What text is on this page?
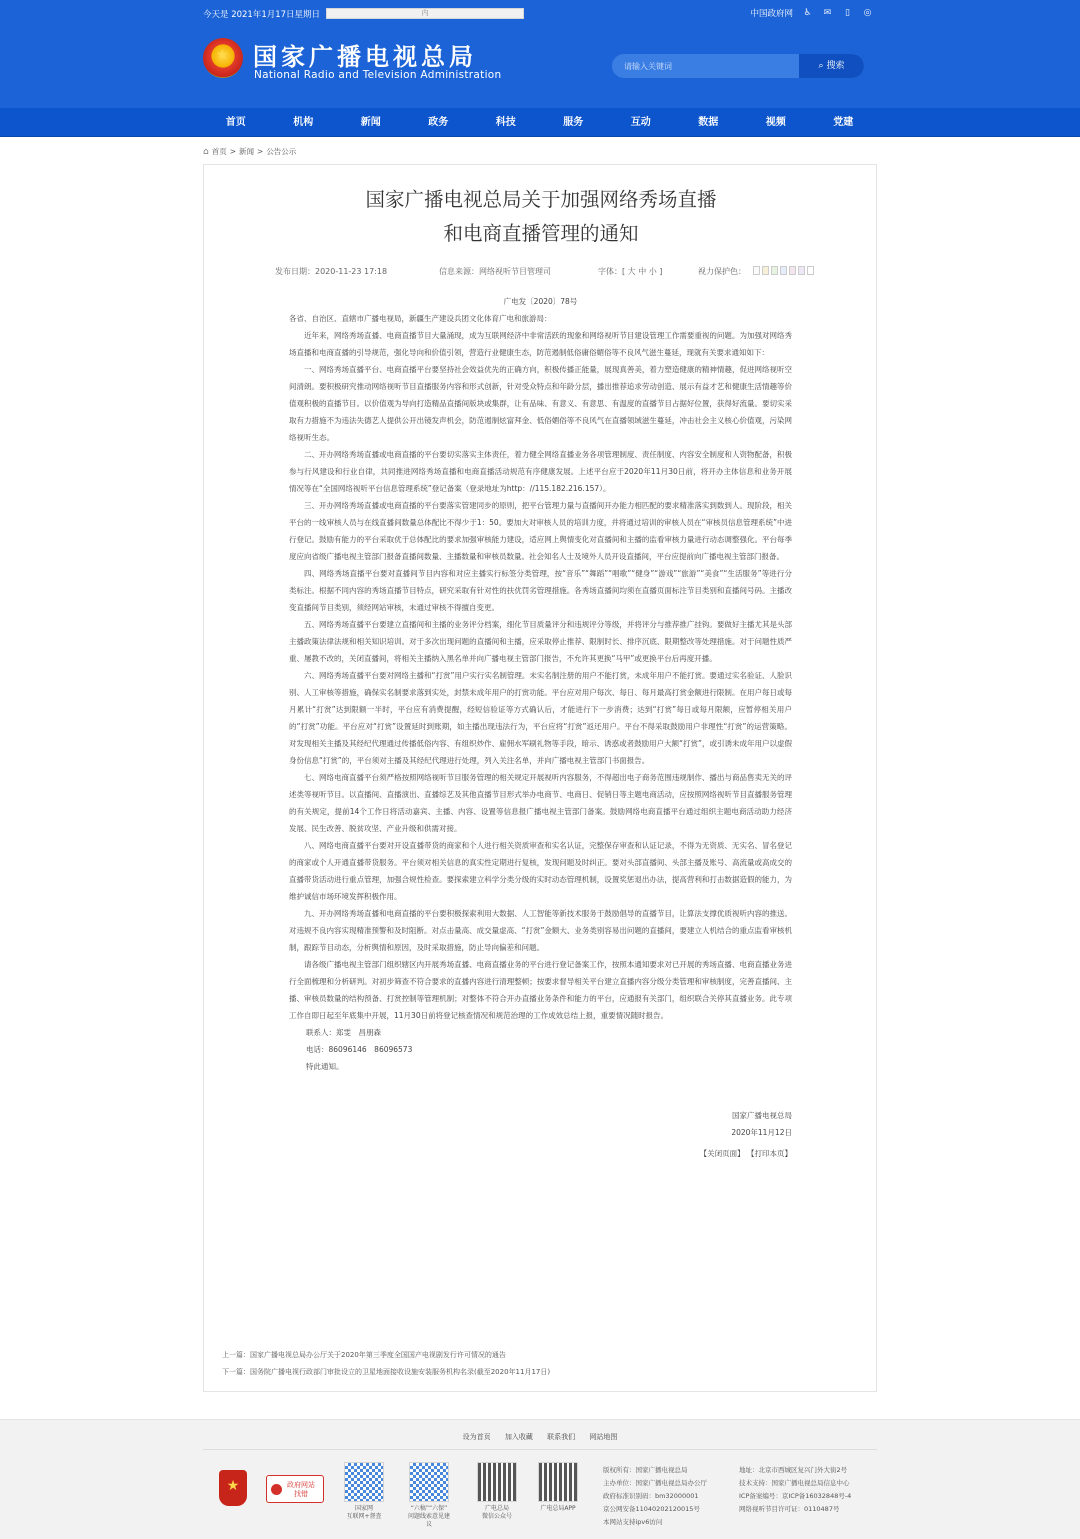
今天是 2021年1月17日星期日	内	中国政府网 ♿ ✉	▯	◎
★ 国家广播电视总局
National Radio and Television Administration
请输入关键词
⌕ 搜索
首页	机构	新闻	政务	科技	服务	互动	数据	视频	党建
⌂ 首页 > 新闻 > 公告公示
国家广播电视总局关于加强网络秀场直播
和电商直播管理的通知
发布日期：2020-11-23 17:18	信息来源：网络视听节目管理司	字体：[ 大 中 小 ]	视力保护色：
广电发〔2020〕78号

各省、自治区、直辖市广播电视局，新疆生产建设兵团文化体育广电和旅游局：

近年来，网络秀场直播、电商直播节目大量涌现，成为互联网经济中非常活跃的现象和网络视听节目建设管理工作需要重视的问题。为加强对网络秀场直播和电商直播的引导规范，强化导向和价值引领，营造行业健康生态，防范遏制低俗庸俗媚俗等不良风气滋生蔓延，现就有关要求通知如下：

一、网络秀场直播平台、电商直播平台要坚持社会效益优先的正确方向，积极传播正能量，展现真善美，着力塑造健康的精神情趣，促进网络视听空间清朗。要积极研究推动网络视听节目直播服务内容和形式创新，针对受众特点和年龄分层，播出推荐追求劳动创造、展示有益才艺和健康生活情趣等价值观积极的直播节目。以价值观为导向打造精品直播间版块或集群，让有品味、有意义、有意思、有温度的直播节目占据好位置，获得好流量。要切实采取有力措施不为违法失德艺人提供公开出镜发声机会，防范遏制炫富拜金、低俗媚俗等不良风气在直播领域滋生蔓延，冲击社会主义核心价值观，污染网络视听生态。

二、开办网络秀场直播或电商直播的平台要切实落实主体责任，着力健全网络直播业务各项管理制度、责任制度、内容安全制度和人资物配备，积极参与行风建设和行业自律，共同推进网络秀场直播和电商直播活动规范有序健康发展。上述平台应于2020年11月30日前，将开办主体信息和业务开展情况等在“全国网络视听平台信息管理系统”登记备案（登录地址为http：//115.182.216.157）。

三、开办网络秀场直播或电商直播的平台要落实管建同步的原则，把平台管理力量与直播间开办能力相匹配的要求精准落实到数到人。现阶段，相关平台的一线审核人员与在线直播间数量总体配比不得少于1：50。要加大对审核人员的培训力度，并将通过培训的审核人员在“审核员信息管理系统”中进行登记。鼓励有能力的平台采取优于总体配比的要求加强审核能力建设，适应网上舆情变化对直播间和主播的监看审核力量进行动态调整强化。平台每季度应向省级广播电视主管部门报备直播间数量、主播数量和审核员数量。社会知名人士及境外人员开设直播间，平台应提前向广播电视主管部门报备。

四、网络秀场直播平台要对直播间节目内容和对应主播实行标签分类管理，按“音乐”“舞蹈”“唱歌”“健身”“游戏”“旅游”“美食”“生活服务”等进行分类标注。根据不同内容的秀场直播节目特点，研究采取有针对性的扶优罚劣管理措施。各秀场直播间均须在直播页面标注节目类别和直播间号码。主播改变直播间节目类别，须经网站审核，未通过审核不得擅自变更。

五、网络秀场直播平台要建立直播间和主播的业务评分档案，细化节目质量评分和违规评分等级，并将评分与推荐推广挂钩。要做好主播尤其是头部主播政策法律法规和相关知识培训。对于多次出现问题的直播间和主播，应采取停止推荐、限制时长、排序沉底、限期整改等处理措施。对于问题性质严重、屡教不改的，关闭直播间，将相关主播纳入黑名单并向广播电视主管部门报告，不允许其更换“马甲”或更换平台后再度开播。

六、网络秀场直播平台要对网络主播和“打赏”用户实行实名制管理。未实名制注册的用户不能打赏，未成年用户不能打赏。要通过实名验证、人脸识别、人工审核等措施，确保实名制要求落到实处，封禁未成年用户的打赏功能。平台应对用户每次、每日、每月最高打赏金额进行限制。在用户每日或每月累计“打赏”达到限额一半时，平台应有消费提醒，经短信验证等方式确认后，才能进行下一步消费；达到“打赏”每日或每月限额，应暂停相关用户的“打赏”功能。平台应对“打赏”设置延时到账期，如主播出现违法行为，平台应将“打赏”返还用户。平台不得采取鼓励用户非理性“打赏”的运营策略。对发现相关主播及其经纪代理通过传播低俗内容、有组织炒作、雇佣水军刷礼物等手段，暗示、诱惑或者鼓励用户大额“打赏”，或引诱未成年用户以虚假身份信息“打赏”的，平台须对主播及其经纪代理进行处理，列入关注名单，并向广播电视主管部门书面报告。

七、网络电商直播平台须严格按照网络视听节目服务管理的相关规定开展视听内容服务，不得超出电子商务范围违规制作、播出与商品售卖无关的评述类等视听节目。以直播间、直播演出、直播综艺及其他直播节目形式举办电商节、电商日、促销日等主题电商活动，应按照网络视听节目直播服务管理的有关规定，提前14个工作日将活动嘉宾、主播、内容、设置等信息报广播电视主管部门备案。鼓励网络电商直播平台通过组织主题电商活动助力经济发展、民生改善、脱贫攻坚、产业升级和供需对接。

八、网络电商直播平台要对开设直播带货的商家和个人进行相关资质审查和实名认证，完整保存审查和认证记录，不得为无资质、无实名、冒名登记的商家或个人开通直播带货服务。平台须对相关信息的真实性定期进行复核，发现问题及时纠正。要对头部直播间、头部主播及账号、高流量或高成交的直播带货活动进行重点管理，加强合规性检查。要探索建立科学分类分级的实时动态管理机制，设置奖惩退出办法，提高营利和打击数据造假的能力，为维护诚信市场环境发挥积极作用。

九、开办网络秀场直播和电商直播的平台要积极探索利用大数据、人工智能等新技术服务于鼓励倡导的直播节目，让算法支撑优质视听内容的推送。对违规不良内容实现精准预警和及时阻断。对点击量高、成交量虚高、“打赏”金额大、业务类别容易出问题的直播间，要建立人机结合的重点监看审核机制，跟踪节目动态，分析舆情和原因，及时采取措施，防止导向偏差和问题。

请各级广播电视主管部门组织辖区内开展秀场直播、电商直播业务的平台进行登记备案工作，按照本通知要求对已开展的秀场直播、电商直播业务进行全面梳理和分析研判。对初步筛查不符合要求的直播内容进行清理整顿；按要求督导相关平台建立直播内容分级分类管理和审核制度，完善直播间、主播、审核员数量的结构预备、打赏控制等管理机制；对整体不符合开办直播业务条件和能力的平台，应通报有关部门，组织联合关停其直播业务。此专项工作自即日起至年底集中开展，11月30日前将登记核查情况和规范治理的工作成效总结上报，重要情况随时报告。

联系人：郑雯　昌朋森

电话：86096146　86096573

特此通知。

国家广播电视总局
2020年11月12日
【关闭页面】 【打印本页】
上一篇：国家广播电视总局办公厅关于2020年第三季度全国国产电视剧发行许可情况的通告
下一篇：国务院广播电视行政部门审批设立的卫星地面接收设施安装服务机构名录(截至2020年11月17日)
设为首页 加入收藏 联系我们 网站地图
★	政府网站
找错
国家网
互联网+督查
“六稿”“六保”
问题线索意见建议
广电总局
微信公众号
广电总局APP
版权所有：国家广播电视总局
主办单位：国家广播电视总局办公厅
政府标准识别码：bm32000001
京公网安备11040202120015号
本网站支持ipv6访问
地址：北京市西城区复兴门外大街2号
技术支持：国家广播电视总局信息中心
ICP备案编号：京ICP备16032848号-4
网络视听节目许可证：0110487号
